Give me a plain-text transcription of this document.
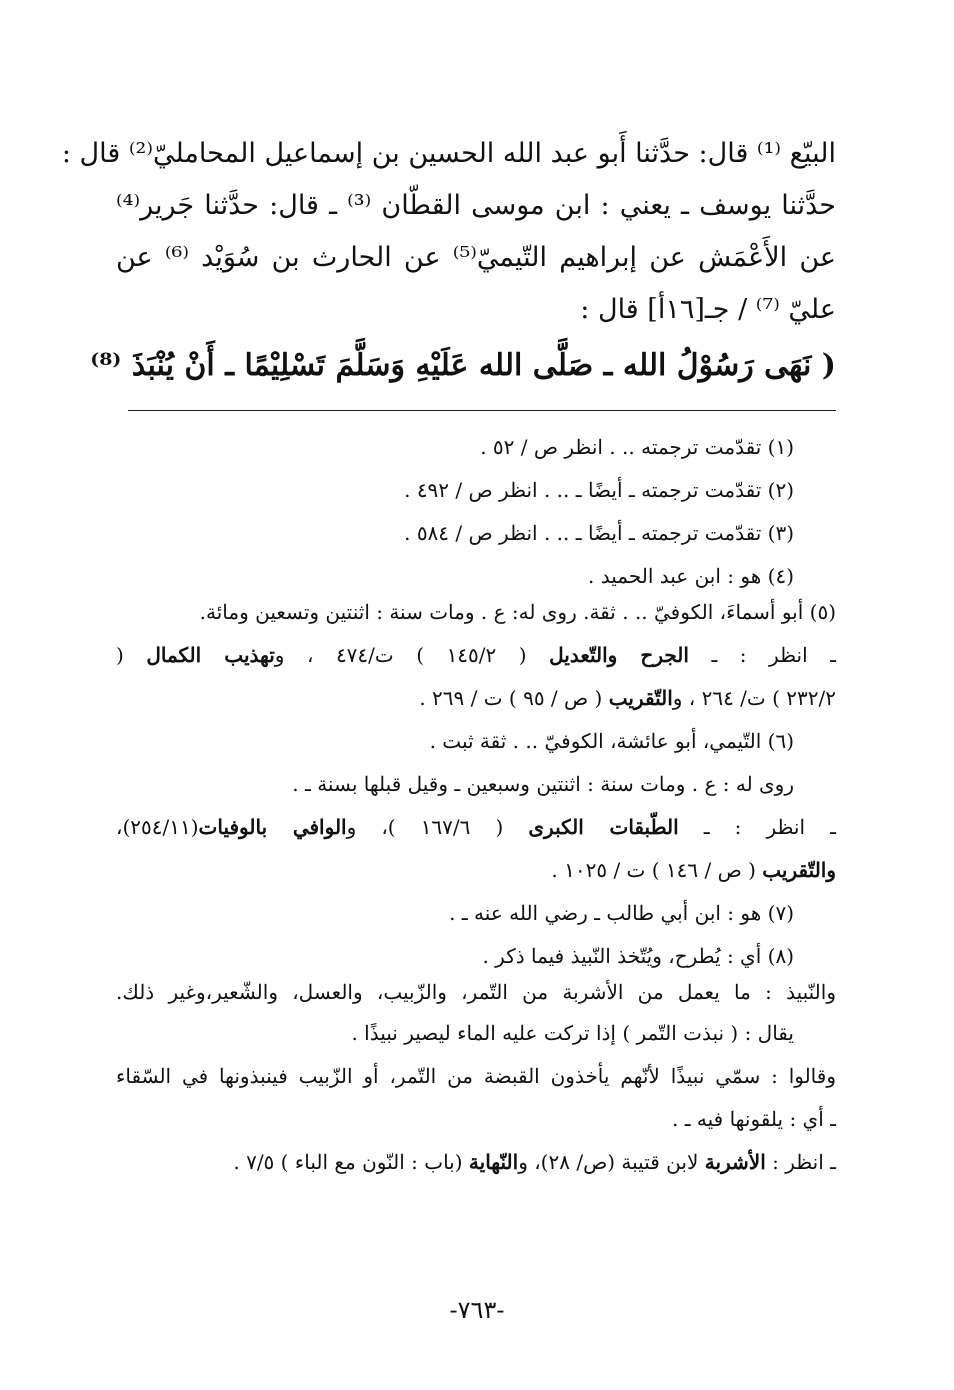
البيّع ⁽¹⁾ قال: حدَّثنا أَبو عبد الله الحسين بن إسماعيل المحامليّ⁽²⁾ قال :
حدَّثنا يوسف ـ يعني : ابن موسى القطّان ⁽³⁾ ـ قال: حدَّثنا جَرير⁽⁴⁾
عن الأَعْمَش عن إبراهيم التّيميّ⁽⁵⁾ عن الحارث بن سُوَيْد ⁽⁶⁾ عن
عليّ ⁽⁷⁾ / جـ[١٦أ] قال :
( نَهَى رَسُوْلُ الله ـ صَلَّى الله عَلَيْهِ وَسَلَّمَ تَسْلِيْمًا ـ أَنْ يُنْبَذَ ⁽⁸⁾
(١) تقدّمت ترجمته .. . انظر ص / ٥٢ .
(٢) تقدّمت ترجمته ـ أيضًا ـ .. . انظر ص / ٤٩٢ .
(٣) تقدّمت ترجمته ـ أيضًا ـ .. . انظر ص / ٥٨٤ .
(٤) هو : ابن عبد الحميد .
(٥) أبو أسماءَ، الكوفيّ .. . ثقة. روى له: ع . ومات سنة : اثنتين وتسعين ومائة.
ـ انظر : ـ الجرح والتّعديل ( ١٤٥/٢ ) ت/٤٧٤ ، وتهذيب الكمال (
٢٣٢/٢ ) ت/ ٢٦٤ ، والتّقريب ( ص / ٩٥ ) ت / ٢٦٩ .
(٦) التّيمي، أبو عائشة، الكوفيّ .. . ثقة ثبت .
روى له : ع . ومات سنة : اثنتين وسبعين ـ وقيل قبلها بسنة ـ .
ـ انظر : ـ الطّبقات الكبرى ( ١٦٧/٦ )، والوافي بالوفيات(٢٥٤/١١)،
والتّقريب ( ص / ١٤٦ ) ت / ١٠٢٥ .
(٧) هو : ابن أبي طالب ـ رضي الله عنه ـ .
(٨) أي : يُطرح، ويُتّخذ النّبيذ فيما ذكر .
والنّبيذ : ما يعمل من الأشربة من التّمر، والزّبيب، والعسل، والشّعير،وغير ذلك.
يقال : ( نبذت التّمر ) إذا تركت عليه الماء ليصير نبيذًا .
وقالوا : سمّي نبيذًا لأنّهم يأخذون القبضة من التّمر، أو الزّبيب فينبذونها في السّقاء
ـ أي : يلقونها فيه ـ .
ـ انظر : الأشربة لابن قتيبة (ص/ ٢٨)، والنّهاية (باب : النّون مع الباء ) ٧/٥ .
-٧٦٣-
